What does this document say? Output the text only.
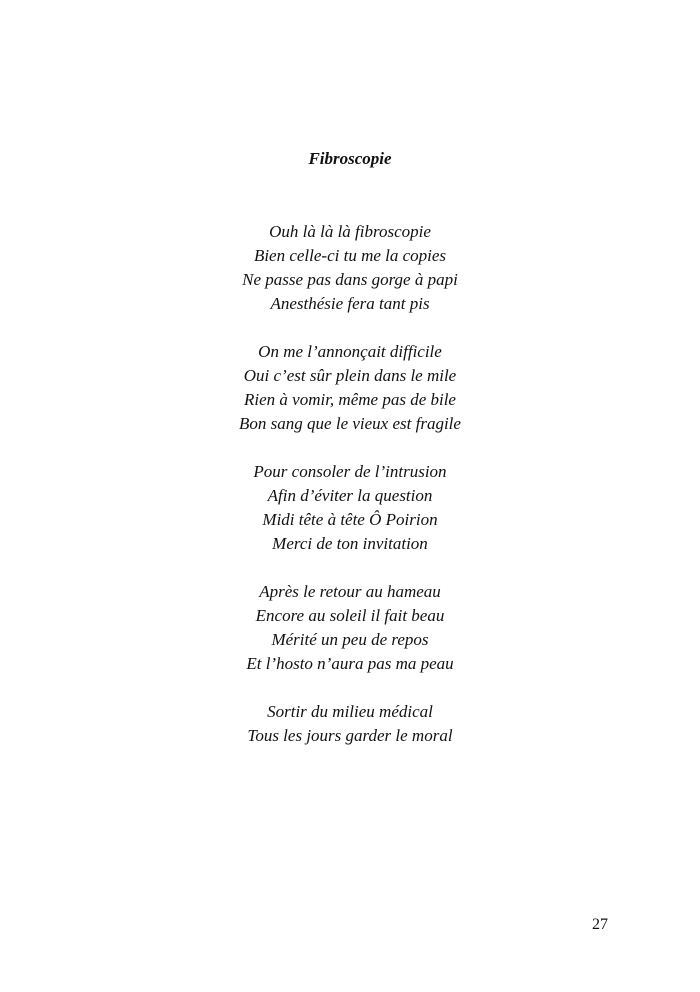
Fibroscopie
Ouh là là là fibroscopie
Bien celle-ci tu me la copies
Ne passe pas dans gorge à papi
Anesthésie fera tant pis
On me l’annonçait difficile
Oui c’est sûr plein dans le mile
Rien à vomir, même pas de bile
Bon sang que le vieux est fragile
Pour consoler de l’intrusion
Afin d’éviter la question
Midi tête à tête Ô Poirion
Merci de ton invitation
Après le retour au hameau
Encore au soleil il fait beau
Mérité un peu de repos
Et l’hosto n’aura pas ma peau
Sortir du milieu médical
Tous les jours garder le moral
27
